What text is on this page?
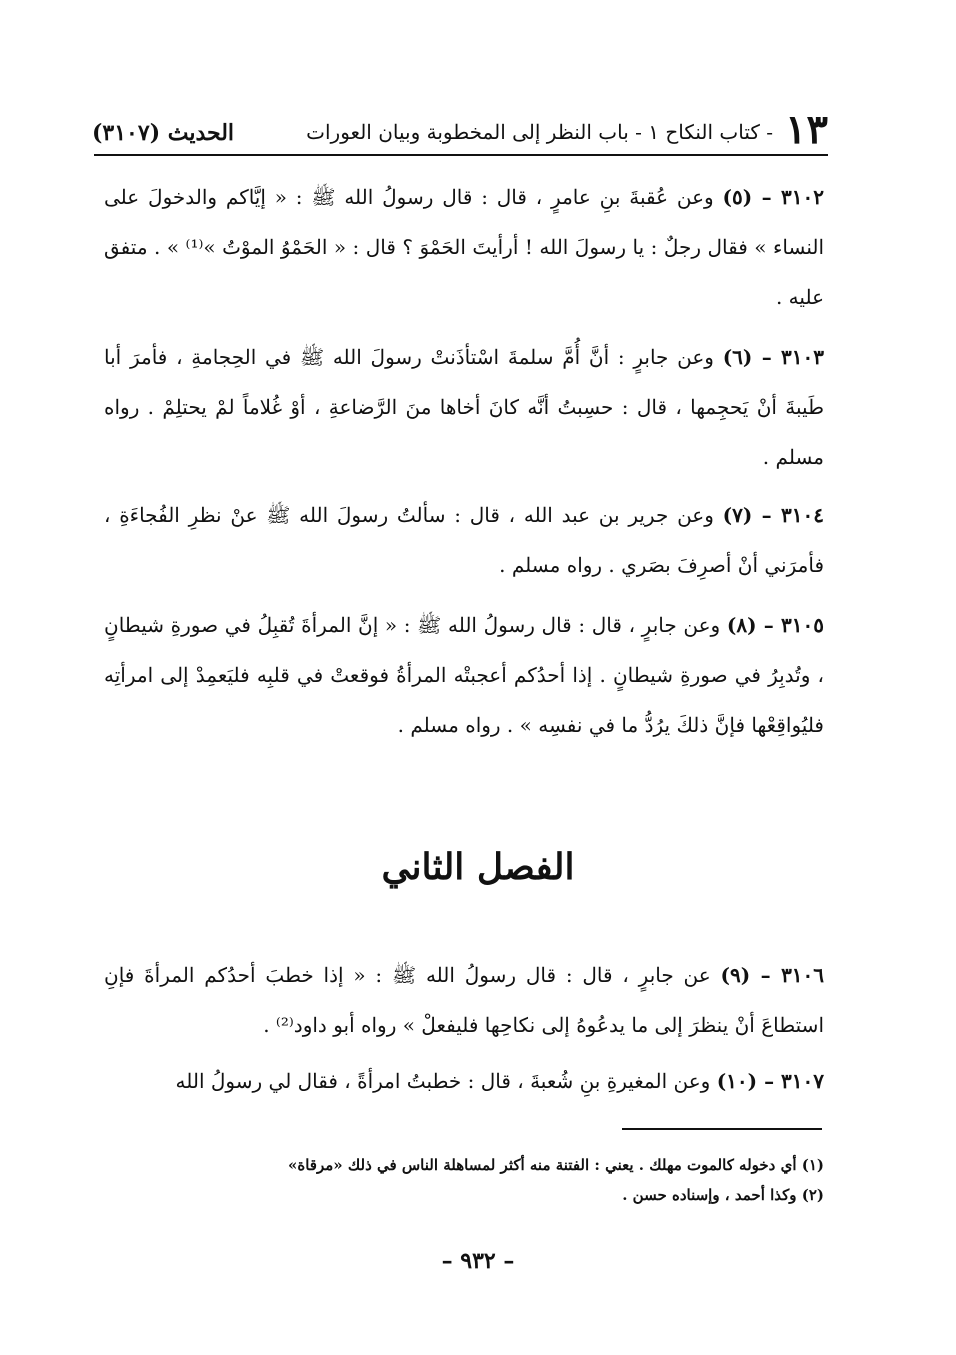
١٣
- كتاب النكاح ١ - باب النظر إلى المخطوبة وبيان العورات
الحديث (٣١٠٧)
٣١٠٢ – (٥) وعن عُقبةَ بنِ عامرٍ ، قال : قال رسولُ الله ﷺ : « إيَّاكم والدخولَ على النساء » فقال رجلٌ : يا رسولَ الله ! أرأيتَ الحَمْوَ ؟ قال : « الحَمْوُ الموْتُ »⁽¹⁾ » . متفق عليه .
٣١٠٣ – (٦) وعن جابرٍ : أنَّ أُمَّ سلمةَ اسْتأذَنتْ رسولَ الله ﷺ في الحِجامةِ ، فأمرَ أبا طَيبةَ أنْ يَحجِمها ، قال : حسِبتُ أنَّه كانَ أخاها منَ الرَّضاعةِ ، أوْ غُلاماً لمْ يحتلِمْ . رواه مسلم .
٣١٠٤ – (٧) وعن جرير بن عبد الله ، قال : سألتُ رسولَ الله ﷺ عنْ نظرِ الفُجاءَةِ ، فأمرَني أنْ أصرِفَ بصَري . رواه مسلم .
٣١٠٥ – (٨) وعن جابرٍ ، قال : قال رسولُ الله ﷺ : « إنَّ المرأةَ تُقبِلُ في صورةِ شيطانٍ ، وتُدبِرُ في صورةِ شيطانٍ . إذا أحدُكم أعجبتْه المرأةُ فوقعتْ في قلبِه فليَعمِدْ إلى امرأتِه فليُواقِعْها فإنَّ ذلكَ يرُدُّ ما في نفسِه » . رواه مسلم .
الفصل الثاني
٣١٠٦ – (٩) عن جابرٍ ، قال : قال رسولُ الله ﷺ : « إذا خطبَ أحدُكم المرأةَ فإنِ استطاعَ أنْ ينظرَ إلى ما يدعُوهُ إلى نكاحِها فليفعلْ » رواه أبو داود⁽²⁾ .
٣١٠٧ – (١٠) وعن المغيرةِ بنِ شُعبةَ ، قال : خطبتُ امرأةً ، فقال لي رسولُ الله
(١) أي دخوله كالموت مهلك . يعني : الفتنة منه أكثر لمساهلة الناس في ذلك «مرقاة»
(٢) وكذا أحمد ، وإسناده حسن .
– ٩٣٢ –
